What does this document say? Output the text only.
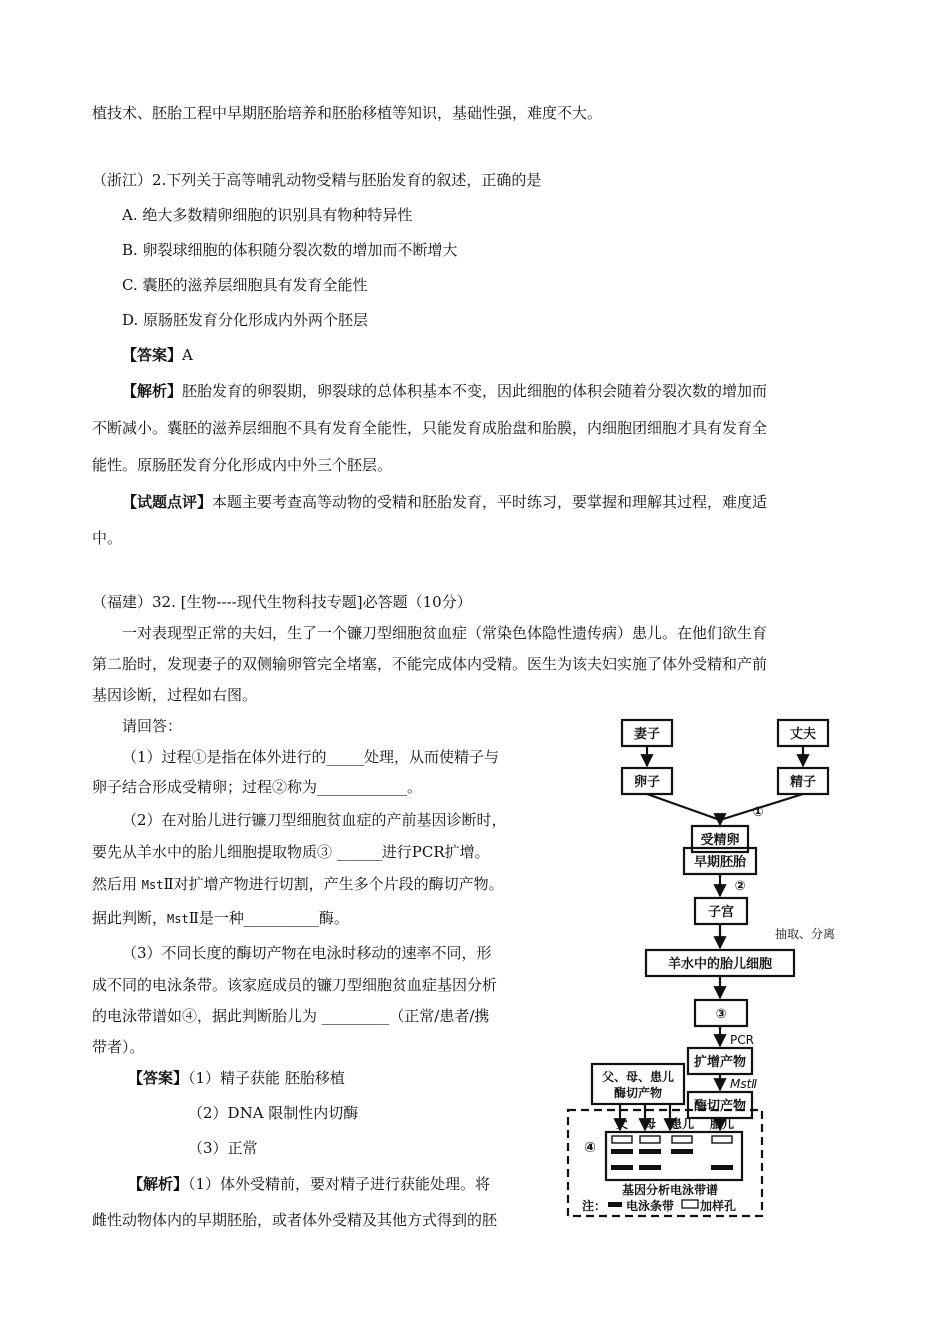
植技术、胚胎工程中早期胚胎培养和胚胎移植等知识，基础性强，难度不大。
（浙江）2.下列关于高等哺乳动物受精与胚胎发育的叙述，正确的是
A. 绝大多数精卵细胞的识别具有物种特异性
B. 卵裂球细胞的体积随分裂次数的增加而不断增大
C. 囊胚的滋养层细胞具有发育全能性
D. 原肠胚发育分化形成内外两个胚层
【答案】A
【解析】胚胎发育的卵裂期，卵裂球的总体积基本不变，因此细胞的体积会随着分裂次数的增加而
不断减小。囊胚的滋养层细胞不具有发育全能性，只能发育成胎盘和胎膜，内细胞团细胞才具有发育全
能性。原肠胚发育分化形成内中外三个胚层。
【试题点评】本题主要考查高等动物的受精和胚胎发育，平时练习，要掌握和理解其过程，难度适
中。
（福建）32. [生物----现代生物科技专题]必答题（10分）
一对表现型正常的夫妇，生了一个镰刀型细胞贫血症（常染色体隐性遗传病）患儿。在他们欲生育
第二胎时，发现妻子的双侧输卵管完全堵塞，不能完成体内受精。医生为该夫妇实施了体外受精和产前
基因诊断，过程如右图。
请回答：
（1）过程①是指在体外进行的_____处理，从而使精子与
卵子结合形成受精卵；过程②称为____________。
（2）在对胎儿进行镰刀型细胞贫血症的产前基因诊断时，
要先从羊水中的胎儿细胞提取物质③ ______进行PCR扩增。
然后用 MstⅡ对扩增产物进行切割，产生多个片段的酶切产物。
据此判断，MstⅡ是一种__________酶。
（3）不同长度的酶切产物在电泳时移动的速率不同，形
成不同的电泳条带。该家庭成员的镰刀型细胞贫血症基因分析
的电泳带谱如④，据此判断胎儿为 _________（正常/患者/携
带者）。
【答案】（1）精子获能 胚胎移植
（2）DNA 限制性内切酶
（3）正常
【解析】（1）体外受精前，要对精子进行获能处理。将
雌性动物体内的早期胚胎，或者体外受精及其他方式得到的胚
妻子	丈夫
卵子	精子
①
受精卵
早期胚胎
②
子宫
羊水中的胎儿细胞
③
扩增产物
父、母、患儿
酶切产物
酶切产物
父 母 患儿 胎儿
④
基因分析电泳带谱
抽取、分离
PCR
MstⅡ
注： 电泳条带 加样孔
